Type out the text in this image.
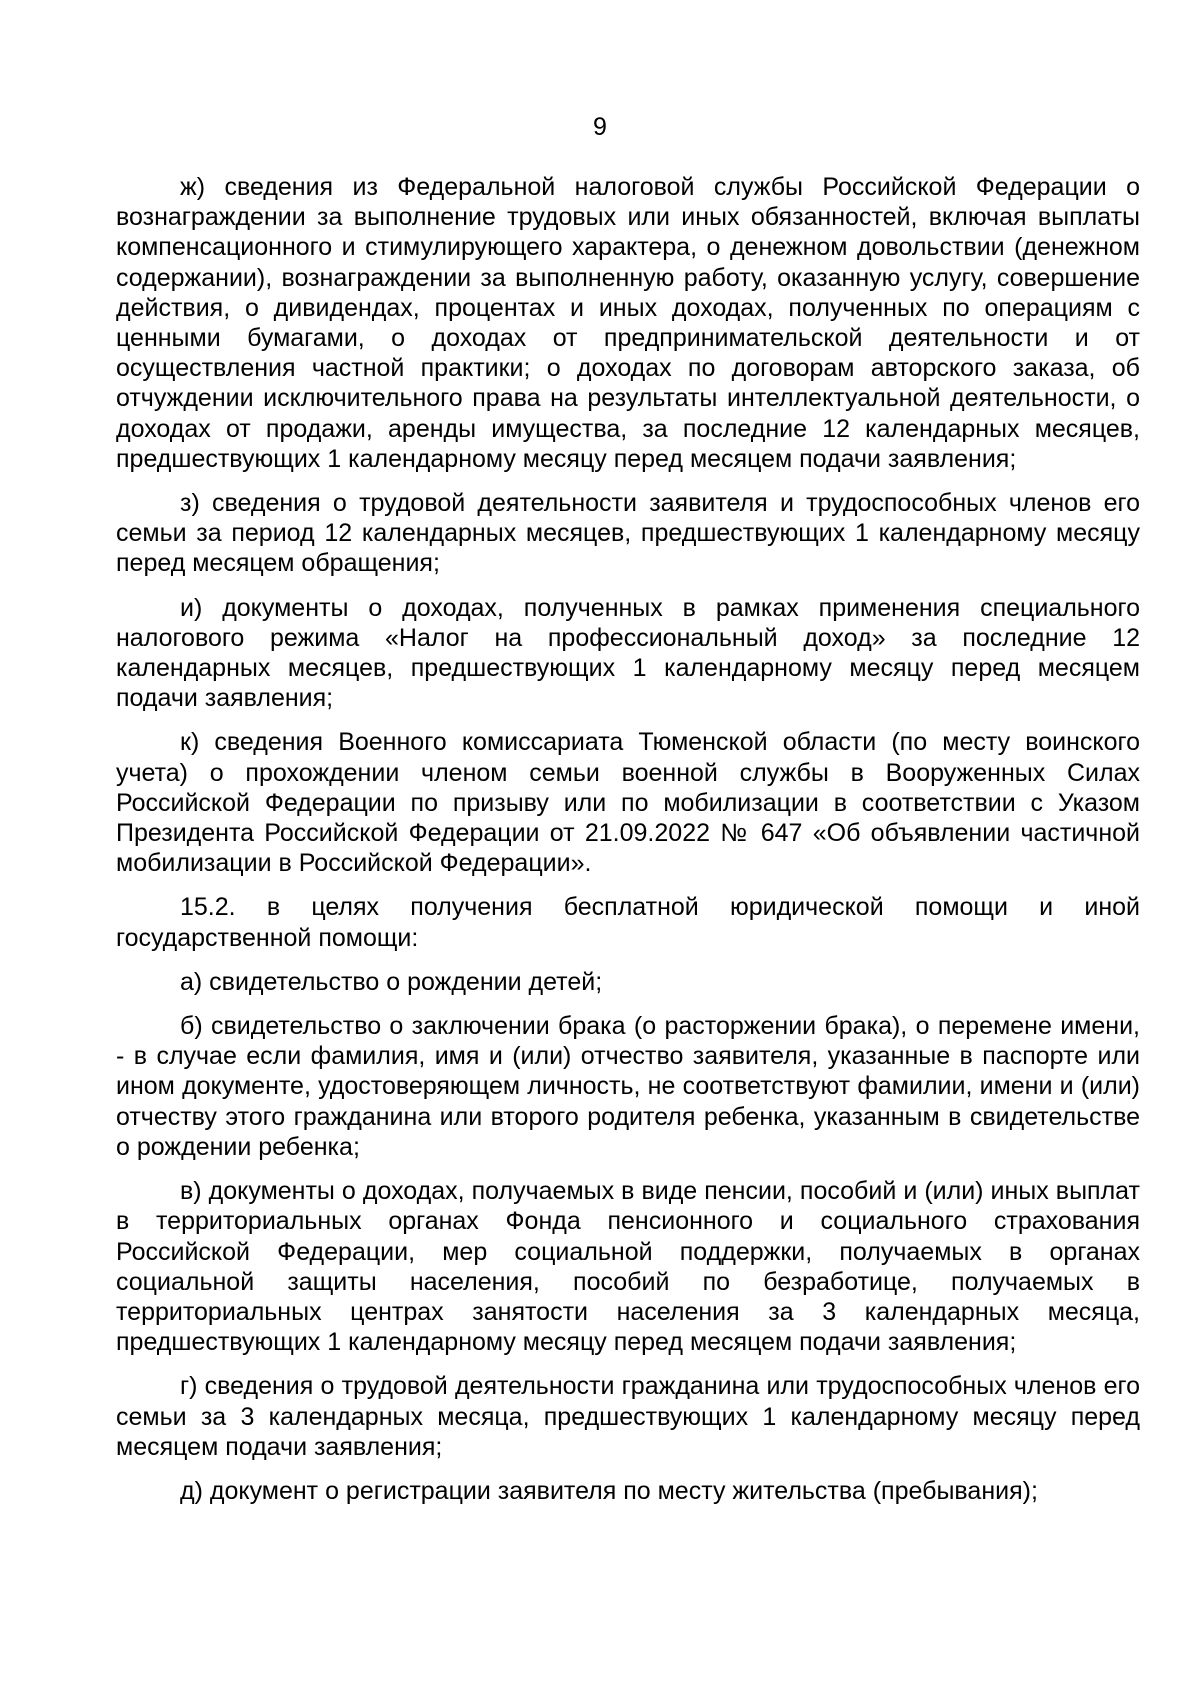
9

ж) сведения из Федеральной налоговой службы Российской Федерации о вознаграждении за выполнение трудовых или иных обязанностей, включая выплаты компенсационного и стимулирующего характера, о денежном довольствии (денежном содержании), вознаграждении за выполненную работу, оказанную услугу, совершение действия, о дивидендах, процентах и иных доходах, полученных по операциям с ценными бумагами, о доходах от предпринимательской деятельности и от осуществления частной практики; о доходах по договорам авторского заказа, об отчуждении исключительного права на результаты интеллектуальной деятельности, о доходах от продажи, аренды имущества, за последние 12 календарных месяцев, предшествующих 1 календарному месяцу перед месяцем подачи заявления;

з) сведения о трудовой деятельности заявителя и трудоспособных членов его семьи за период 12 календарных месяцев, предшествующих 1 календарному месяцу перед месяцем обращения;

и) документы о доходах, полученных в рамках применения специального налогового режима «Налог на профессиональный доход» за последние 12 календарных месяцев, предшествующих 1 календарному месяцу перед месяцем подачи заявления;

к) сведения Военного комиссариата Тюменской области (по месту воинского учета) о прохождении членом семьи военной службы в Вооруженных Силах Российской Федерации по призыву или по мобилизации в соответствии с Указом Президента Российской Федерации от 21.09.2022 № 647 «Об объявлении частичной мобилизации в Российской Федерации».

15.2. в целях получения бесплатной юридической помощи и иной государственной помощи:

а) свидетельство о рождении детей;

б) свидетельство о заключении брака (о расторжении брака), о перемене имени, - в случае если фамилия, имя и (или) отчество заявителя, указанные в паспорте или ином документе, удостоверяющем личность, не соответствуют фамилии, имени и (или) отчеству этого гражданина или второго родителя ребенка, указанным в свидетельстве о рождении ребенка;

в) документы о доходах, получаемых в виде пенсии, пособий и (или) иных выплат в территориальных органах Фонда пенсионного и социального страхования Российской Федерации, мер социальной поддержки, получаемых в органах социальной защиты населения, пособий по безработице, получаемых в территориальных центрах занятости населения за 3 календарных месяца, предшествующих 1 календарному месяцу перед месяцем подачи заявления;

г) сведения о трудовой деятельности гражданина или трудоспособных членов его семьи за 3 календарных месяца, предшествующих 1 календарному месяцу перед месяцем подачи заявления;

д) документ о регистрации заявителя по месту жительства (пребывания);
